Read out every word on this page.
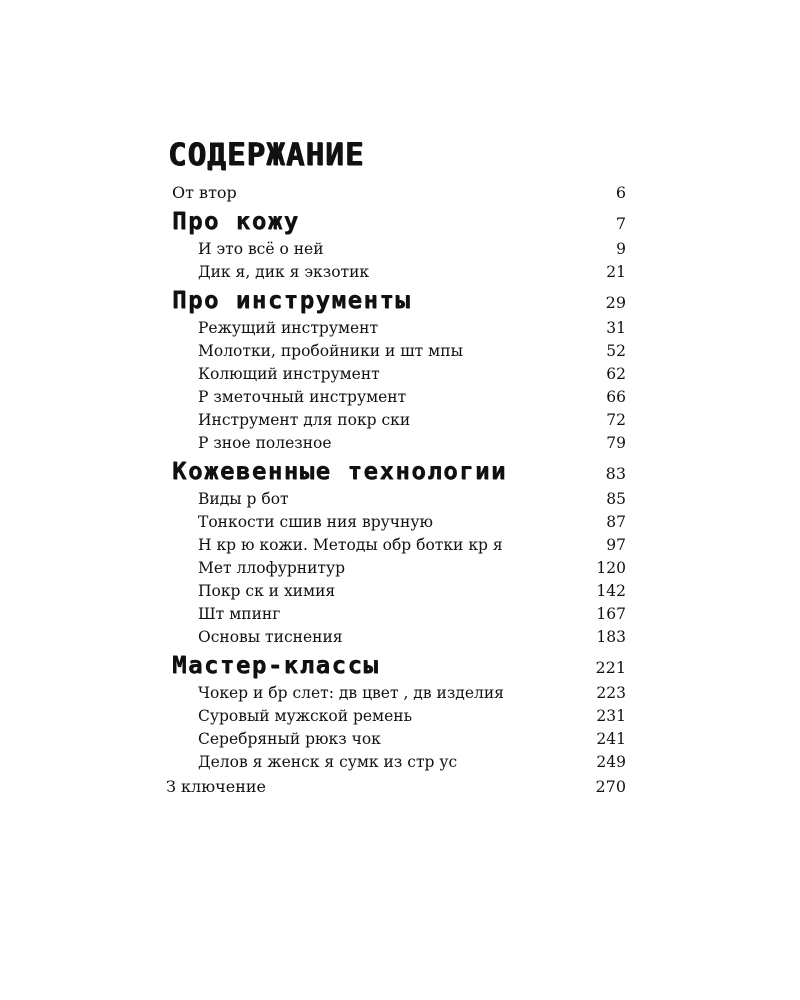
СОДЕРЖАНИЕ
От втор	6
Про кожу	7
И это всё о ней	9
Дик я, дик я экзотик	21
Про инструменты	29
Режущий инструмент	31
Молотки, пробойники и шт мпы	52
Колющий инструмент	62
Р зметочный инструмент	66
Инструмент для покр ски	72
Р зное полезное	79
Кожевенные технологии	83
Виды р бот	85
Тонкости сшив ния вручную	87
Н кр ю кожи. Методы обр ботки кр я	97
Мет ллофурнитур	120
Покр ск и химия	142
Шт мпинг	167
Основы тиснения	183
Мастер-классы	221
Чокер и бр слет: дв цвет , дв изделия	223
Суровый мужской ремень	231
Серебряный рюкз чок	241
Делов я женск я сумк из стр ус	249
З ключение	270
